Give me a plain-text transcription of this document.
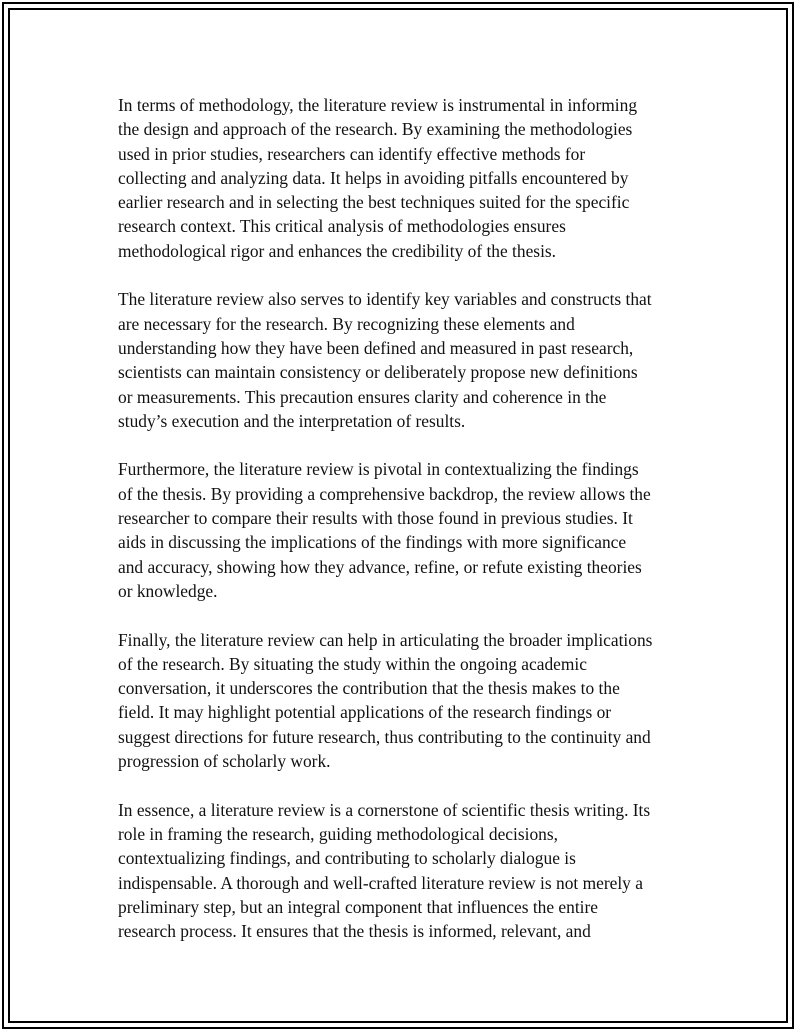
In terms of methodology, the literature review is instrumental in informing
the design and approach of the research. By examining the methodologies
used in prior studies, researchers can identify effective methods for
collecting and analyzing data. It helps in avoiding pitfalls encountered by
earlier research and in selecting the best techniques suited for the specific
research context. This critical analysis of methodologies ensures
methodological rigor and enhances the credibility of the thesis.

The literature review also serves to identify key variables and constructs that
are necessary for the research. By recognizing these elements and
understanding how they have been defined and measured in past research,
scientists can maintain consistency or deliberately propose new definitions
or measurements. This precaution ensures clarity and coherence in the
study’s execution and the interpretation of results.

Furthermore, the literature review is pivotal in contextualizing the findings
of the thesis. By providing a comprehensive backdrop, the review allows the
researcher to compare their results with those found in previous studies. It
aids in discussing the implications of the findings with more significance
and accuracy, showing how they advance, refine, or refute existing theories
or knowledge.

Finally, the literature review can help in articulating the broader implications
of the research. By situating the study within the ongoing academic
conversation, it underscores the contribution that the thesis makes to the
field. It may highlight potential applications of the research findings or
suggest directions for future research, thus contributing to the continuity and
progression of scholarly work.

In essence, a literature review is a cornerstone of scientific thesis writing. Its
role in framing the research, guiding methodological decisions,
contextualizing findings, and contributing to scholarly dialogue is
indispensable. A thorough and well-crafted literature review is not merely a
preliminary step, but an integral component that influences the entire
research process. It ensures that the thesis is informed, relevant, and
